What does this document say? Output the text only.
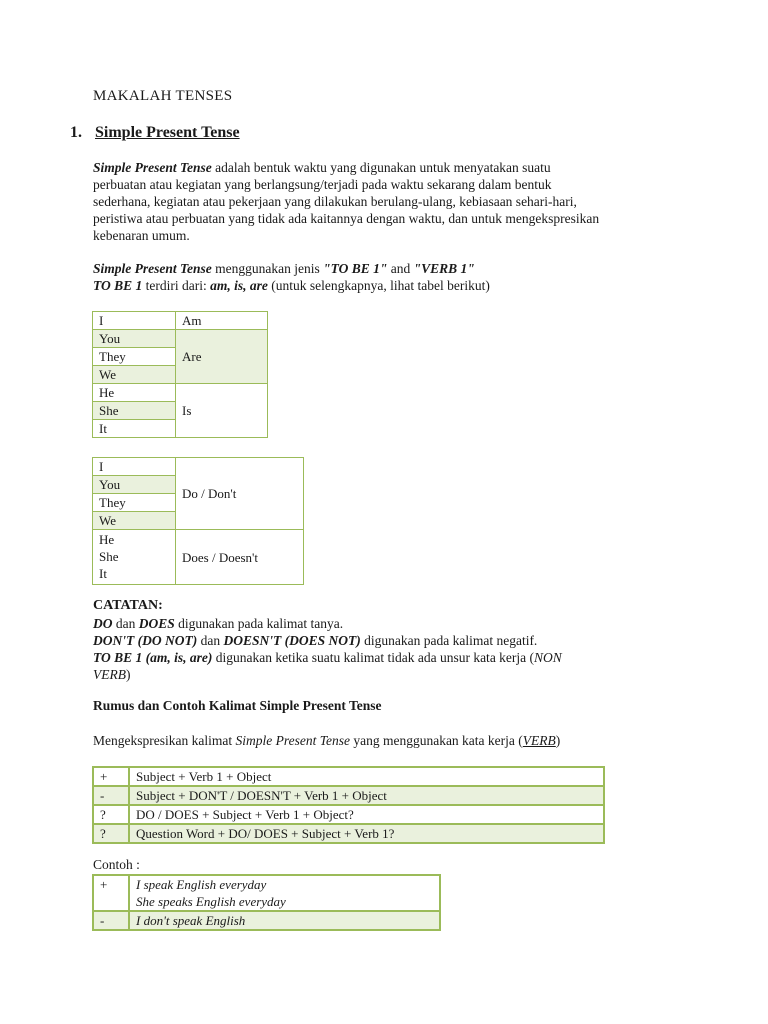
MAKALAH TENSES
1. Simple Present Tense

Simple Present Tense adalah bentuk waktu yang digunakan untuk menyatakan suatu

perbuatan atau kegiatan yang berlangsung/terjadi pada waktu sekarang dalam bentuk

sederhana, kegiatan atau pekerjaan yang dilakukan berulang-ulang, kebiasaan sehari-hari,

peristiwa atau perbuatan yang tidak ada kaitannya dengan waktu, dan untuk mengekspresikan

kebenaran umum.

Simple Present Tense menggunakan jenis "TO BE 1" and "VERB 1"

TO BE 1 terdiri dari: am, is, are (untuk selengkapnya, lihat tabel berikut)

I	Am
You	Are
They	
We	
He	Is
She	
It	
I	Do / Don't
You	
They	
We	

He
She
It	Does / Doesn't
CATATAN:

DO dan DOES digunakan pada kalimat tanya.

DON'T (DO NOT) dan DOESN'T (DOES NOT) digunakan pada kalimat negatif.

TO BE 1 (am, is, are) digunakan ketika suatu kalimat tidak ada unsur kata kerja (NON

VERB)

Rumus dan Contoh Kalimat Simple Present Tense

Mengekspresikan kalimat Simple Present Tense yang menggunakan kata kerja (VERB)

+	Subject + Verb 1 + Object
-	Subject + DON'T / DOESN'T + Verb 1 + Object
?	DO / DOES + Subject + Verb 1 + Object?
?	Question Word + DO/ DOES + Subject + Verb 1?
Contoh :
+	I speak English everyday
She speaks English everyday

-	I don't speak English
